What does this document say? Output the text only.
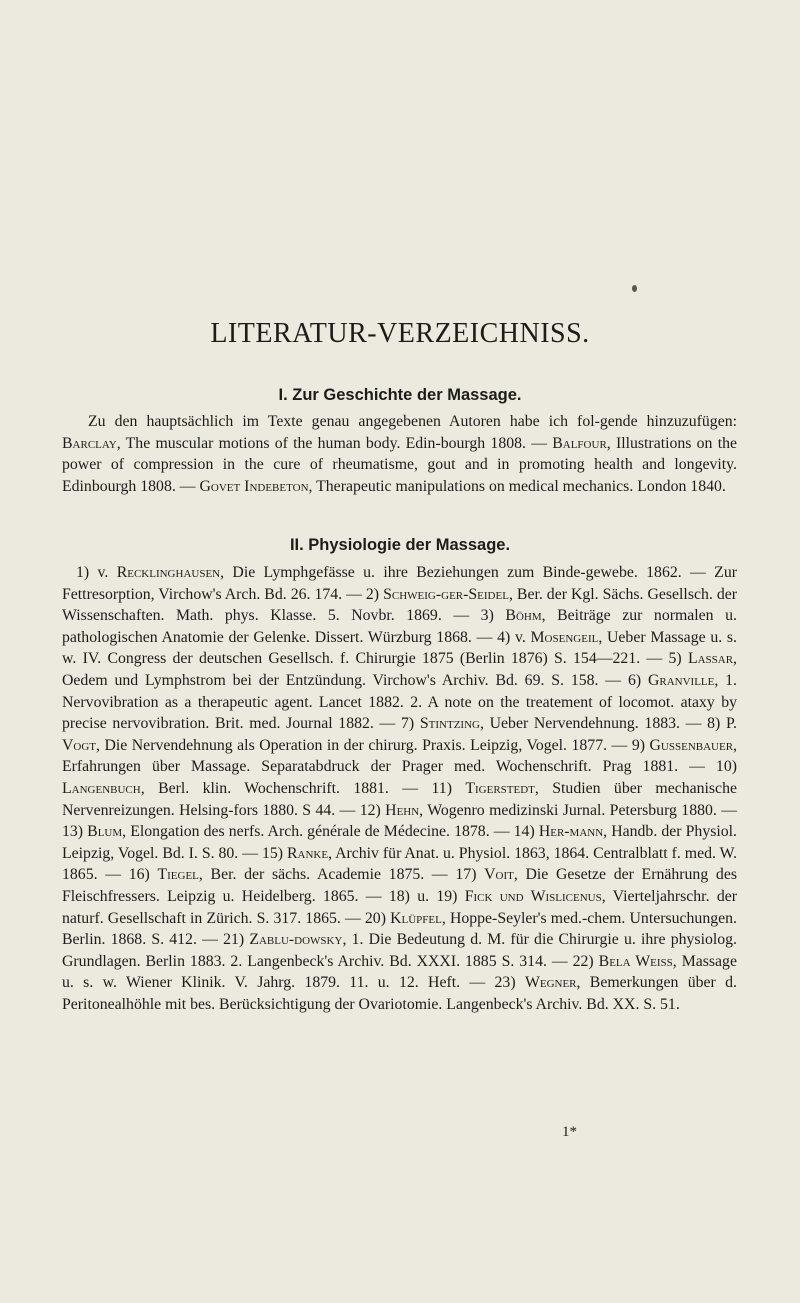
LITERATUR-VERZEICHNISS.
I. Zur Geschichte der Massage.

Zu den hauptsächlich im Texte genau angegebenen Autoren habe ich fol-gende hinzuzufügen: Barclay, The muscular motions of the human body. Edin-bourgh 1808. — Balfour, Illustrations on the power of compression in the cure of rheumatisme, gout and in promoting health and longevity. Edinbourgh 1808. — Govet Indebeton, Therapeutic manipulations on medical mechanics. London 1840.

II. Physiologie der Massage.

1) v. Recklinghausen, Die Lymphgefässe u. ihre Beziehungen zum Binde-gewebe. 1862. — Zur Fettresorption, Virchow's Arch. Bd. 26. 174. — 2) Schweig-ger-Seidel, Ber. der Kgl. Sächs. Gesellsch. der Wissenschaften. Math. phys. Klasse. 5. Novbr. 1869. — 3) Böhm, Beiträge zur normalen u. pathologischen Anatomie der Gelenke. Dissert. Würzburg 1868. — 4) v. Mosengeil, Ueber Massage u. s. w. IV. Congress der deutschen Gesellsch. f. Chirurgie 1875 (Berlin 1876) S. 154—221. — 5) Lassar, Oedem und Lymphstrom bei der Entzündung. Virchow's Archiv. Bd. 69. S. 158. — 6) Granville, 1. Nervovibration as a therapeutic agent. Lancet 1882. 2. A note on the treatement of locomot. ataxy by precise nervovibration. Brit. med. Journal 1882. — 7) Stintzing, Ueber Nervendehnung. 1883. — 8) P. Vogt, Die Nervendehnung als Operation in der chirurg. Praxis. Leipzig, Vogel. 1877. — 9) Gussenbauer, Erfahrungen über Massage. Separatabdruck der Prager med. Wochenschrift. Prag 1881. — 10) Langenbuch, Berl. klin. Wochenschrift. 1881. — 11) Tigerstedt, Studien über mechanische Nervenreizungen. Helsing-fors 1880. S 44. — 12) Hehn, Wogenro medizinski Jurnal. Petersburg 1880. — 13) Blum, Elongation des nerfs. Arch. générale de Médecine. 1878. — 14) Her-mann, Handb. der Physiol. Leipzig, Vogel. Bd. I. S. 80. — 15) Ranke, Archiv für Anat. u. Physiol. 1863, 1864. Centralblatt f. med. W. 1865. — 16) Tiegel, Ber. der sächs. Academie 1875. — 17) Voit, Die Gesetze der Ernährung des Fleischfressers. Leipzig u. Heidelberg. 1865. — 18) u. 19) Fick und Wislicenus, Vierteljahrschr. der naturf. Gesellschaft in Zürich. S. 317. 1865. — 20) Klüpfel, Hoppe-Seyler's med.-chem. Untersuchungen. Berlin. 1868. S. 412. — 21) Zablu-dowsky, 1. Die Bedeutung d. M. für die Chirurgie u. ihre physiolog. Grundlagen. Berlin 1883. 2. Langenbeck's Archiv. Bd. XXXI. 1885 S. 314. — 22) Bela Weiss, Massage u. s. w. Wiener Klinik. V. Jahrg. 1879. 11. u. 12. Heft. — 23) Wegner, Bemerkungen über d. Peritonealhöhle mit bes. Berücksichtigung der Ovariotomie. Langenbeck's Archiv. Bd. XX. S. 51.

1*
